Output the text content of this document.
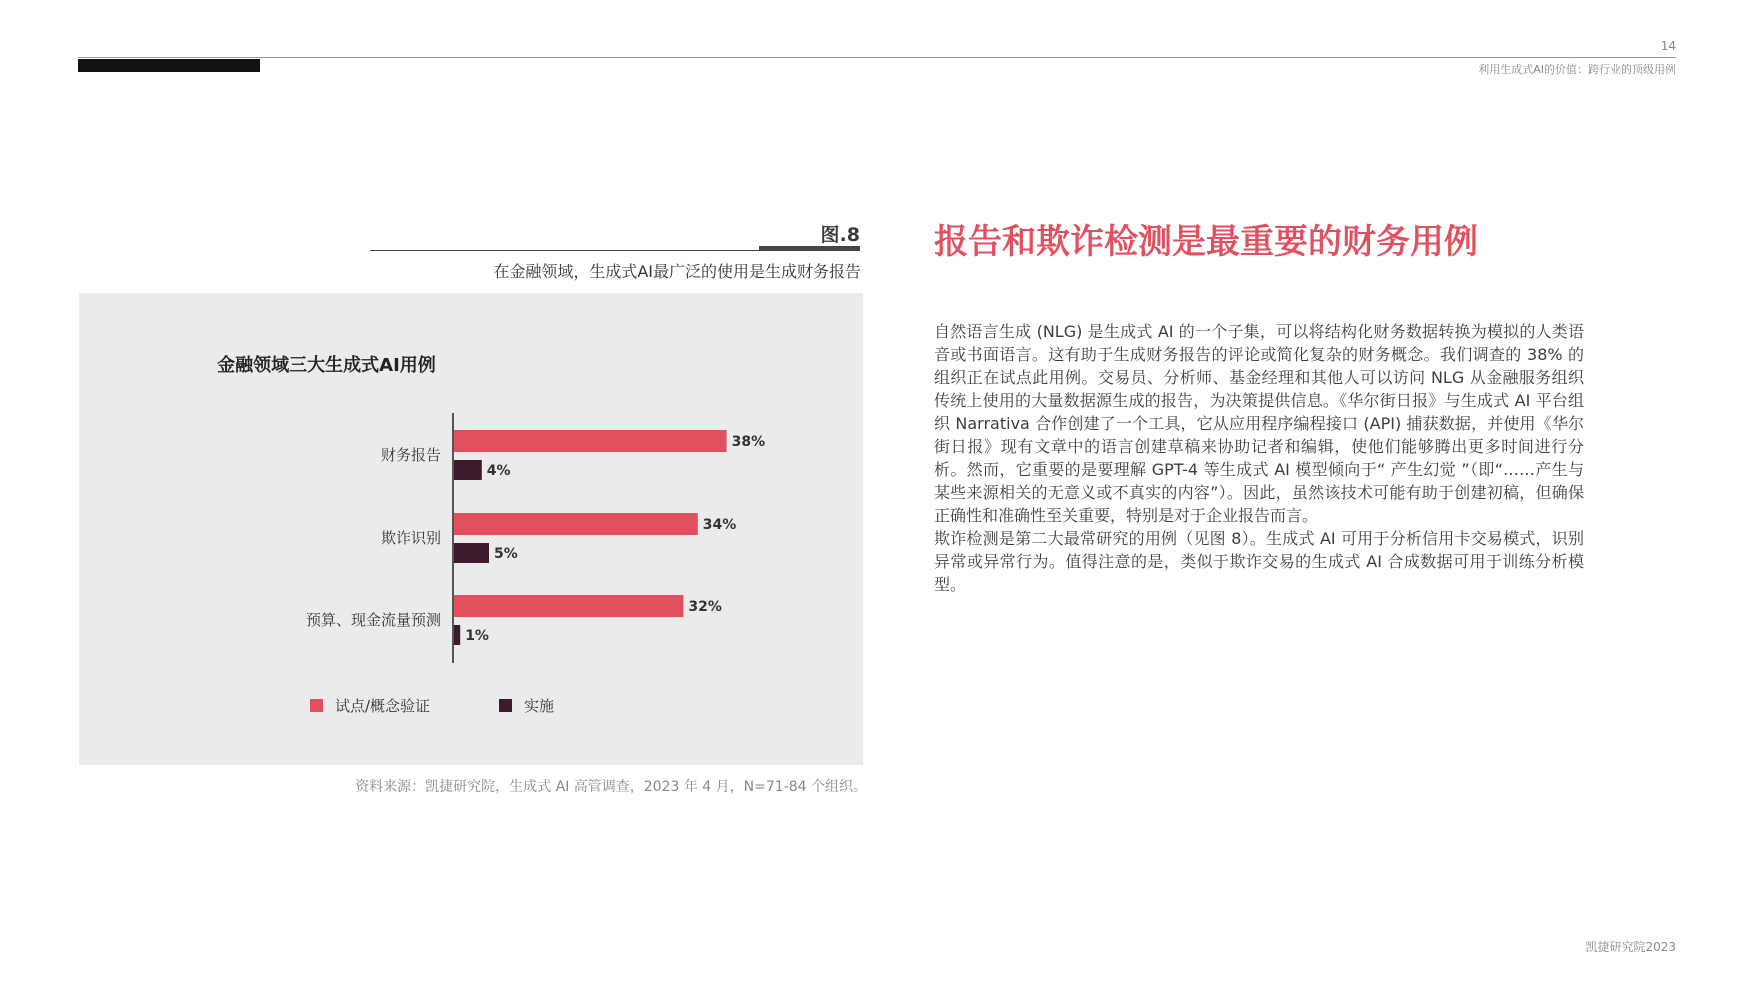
14
利用生成式AI的价值：跨行业的顶级用例
图.8
在金融领域，生成式AI最广泛的使用是生成财务报告
金融领域三大生成式AI用例
财务报告
38%
4%
欺诈识别
34%
5%
预算、现金流量预测
32%
1%
试点/概念验证	实施
资料来源：凯捷研究院，生成式 AI 高管调查，2023 年 4 月，N=71-84 个组织。
报告和欺诈检测是最重要的财务用例

自然语言生成 (NLG) 是生成式 AI 的一个子集，可以将结构化财务数据转换为模拟的人类语音或书面语言。这有助于生成财务报告的评论或简化复杂的财务概念。我们调查的 38% 的组织正在试点此用例。交易员、分析师、基金经理和其他人可以访问 NLG 从金融服务组织传统上使用的大量数据源生成的报告，为决策提供信息。《华尔街日报》与生成式 AI 平台组织 Narrativa 合作创建了一个工具，它从应用程序编程接口 (API) 捕获数据，并使用《华尔街日报》现有文章中的语言创建草稿来协助记者和编辑，使他们能够腾出更多时间进行分析。然而，它重要的是要理解 GPT-4 等生成式 AI 模型倾向于“ 产生幻觉 ”（即“……产生与某些来源相关的无意义或不真实的内容”）。因此，虽然该技术可能有助于创建初稿，但确保正确性和准确性至关重要，特别是对于企业报告而言。

欺诈检测是第二大最常研究的用例（见图 8）。生成式 AI 可用于分析信用卡交易模式，识别异常或异常行为。值得注意的是，类似于欺诈交易的生成式 AI 合成数据可用于训练分析模型。

凯捷研究院2023
